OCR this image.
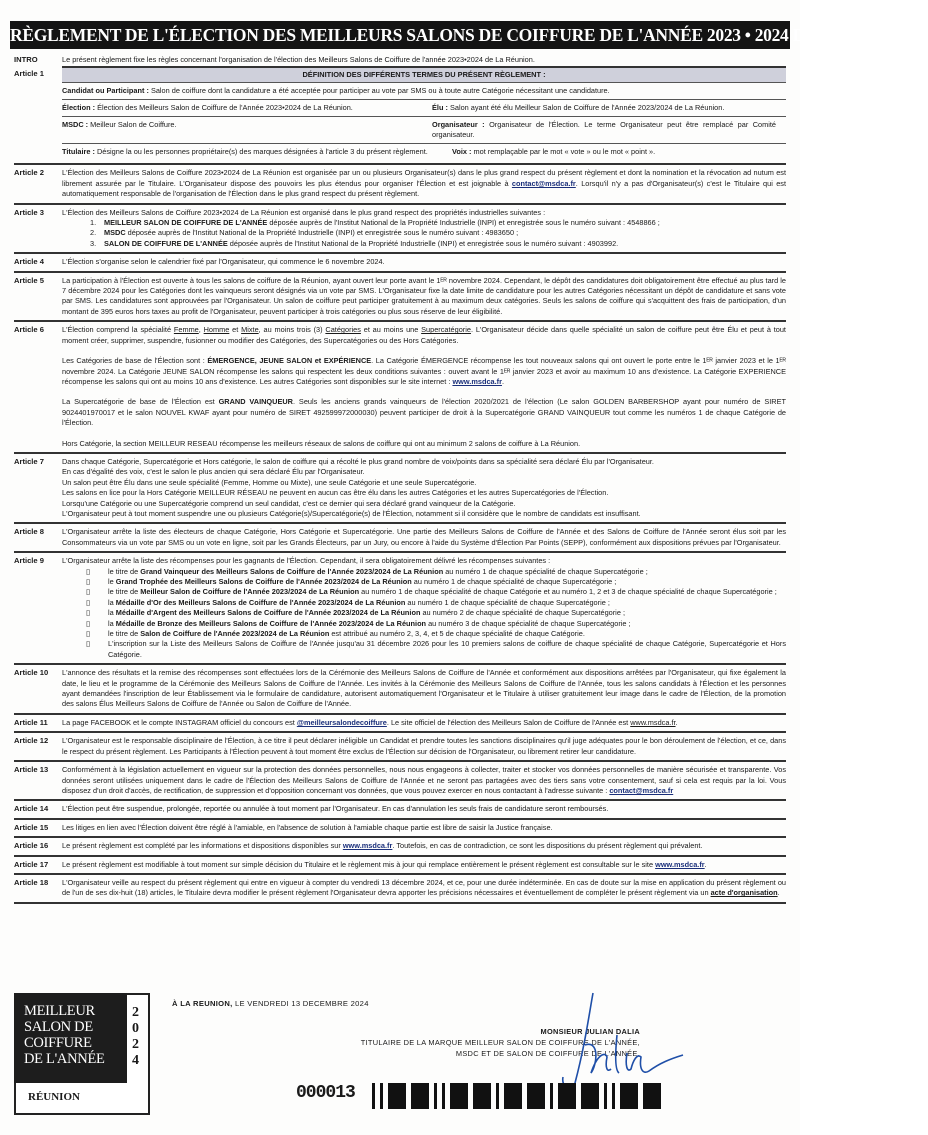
RÈGLEMENT DE L'ÉLECTION DES MEILLEURS SALONS DE COIFFURE DE L'ANNÉE 2023 • 2024 DE LA RÉUNION
INTRO	Le présent règlement fixe les règles concernant l'organisation de l'élection des Meilleurs Salons de Coiffure de l'année 2023•2024 de La Réunion.
Article 1	DÉFINITION DES DIFFÉRENTS TERMES DU PRÉSENT RÈGLEMENT :
Candidat ou Participant : Salon de coiffure dont la candidature a été acceptée pour participer au vote par SMS ou à toute autre Catégorie nécessitant une candidature.
Élection : Élection des Meilleurs Salon de Coiffure de l'Année 2023•2024 de La Réunion.	Élu : Salon ayant été élu Meilleur Salon de Coiffure de l'Année 2023/2024 de La Réunion.
MSDC : Meilleur Salon de Coiffure.	Organisateur : Organisateur de l'Élection. Le terme Organisateur peut être remplacé par Comité organisateur.
Titulaire : Désigne la ou les personnes propriétaire(s) des marques désignées à l'article 3 du présent règlement.	Voix : mot remplaçable par le mot « vote » ou le mot « point ».
Article 2	L'Élection des Meilleurs Salons de Coiffure 2023•2024 de La Réunion est organisée par un ou plusieurs Organisateur(s) dans le plus grand respect du présent règlement et dont la nomination et la révocation ad nutum est librement assurée par le Titulaire. L'Organisateur dispose des pouvoirs les plus étendus pour organiser l'Élection et est joignable à contact@msdca.fr. Lorsqu'il n'y a pas d'Organisateur(s) c'est le Titulaire qui est automatiquement responsable de l'organisation de l'Élection dans le plus grand respect du présent règlement.

Article 3	L'Élection des Meilleurs Salons de Coiffure 2023•2024 de La Réunion est organisé dans le plus grand respect des propriétés industrielles suivantes :

1.	MEILLEUR SALON DE COIFFURE DE L'ANNÉE déposée auprès de l'Institut National de la Propriété Industrielle (INPI) et enregistrée sous le numéro suivant : 4548866 ;
2.	MSDC déposée auprès de l'Institut National de la Propriété Industrielle (INPI) et enregistrée sous le numéro suivant : 4983650 ;
3.	SALON DE COIFFURE DE L'ANNÉE déposée auprès de l'Institut National de la Propriété Industrielle (INPI) et enregistrée sous le numéro suivant : 4903992.
Article 4	L'Élection s'organise selon le calendrier fixé par l'Organisateur, qui commence le 6 novembre 2024.

Article 5	La participation à l'Élection est ouverte à tous les salons de coiffure de la Réunion, ayant ouvert leur porte avant le 1ᴱᴿ novembre 2024. Cependant, le dépôt des candidatures doit obligatoirement être effectué au plus tard le 7 décembre 2024 pour les Catégories dont les vainqueurs seront désignés via un vote par SMS. L'Organisateur fixe la date limite de candidature pour les autres Catégories nécessitant un dépôt de candidature et sans vote par SMS. Les candidatures sont approuvées par l'Organisateur. Un salon de coiffure peut participer gratuitement à au maximum deux catégories. Seuls les salons de coiffure qui s'acquittent des frais de participation, d'un montant de 395 euros hors taxes au profit de l'Organisateur, peuvent participer à trois catégories ou plus sous réserve de leur éligibilité.

Article 6	L'Élection comprend la spécialité Femme, Homme et Mixte, au moins trois (3) Catégories et au moins une Supercatégorie. L'Organisateur décide dans quelle spécialité un salon de coiffure peut être Élu et peut à tout moment créer, supprimer, suspendre, fusionner ou modifier des Catégories, des Supercatégories ou des Hors Catégories.

Les Catégories de base de l'Élection sont : ÉMERGENCE, JEUNE SALON et EXPÉRIENCE. La Catégorie ÉMERGENCE récompense les tout nouveaux salons qui ont ouvert le porte entre le 1ᴱᴿ janvier 2023 et le 1ᴱᴿ novembre 2024. La Catégorie JEUNE SALON récompense les salons qui respectent les deux conditions suivantes : ouvert avant le 1ᴱᴿ janvier 2023 et avoir au maximum 10 ans d'existence. La Catégorie EXPERIENCE récompense les salons qui ont au moins 10 ans d'existence. Les autres Catégories sont disponibles sur le site internet : www.msdca.fr.

La Supercatégorie de base de l'Élection est GRAND VAINQUEUR. Seuls les anciens grands vainqueurs de l'élection 2020/2021 de l'élection (Le salon GOLDEN BARBERSHOP ayant pour numéro de SIRET 9024401970017 et le salon NOUVEL KWAF ayant pour numéro de SIRET 492599972000030) peuvent participer de droit à la Supercatégorie GRAND VAINQUEUR tout comme les numéros 1 de chaque Catégorie de l'Élection.

Hors Catégorie, la section MEILLEUR RESEAU récompense les meilleurs réseaux de salons de coiffure qui ont au minimum 2 salons de coiffure à La Réunion.

Article 7	Dans chaque Catégorie, Supercatégorie et Hors catégorie, le salon de coiffure qui a récolté le plus grand nombre de voix/points dans sa spécialité sera déclaré Élu par l'Organisateur.
En cas d'égalité des voix, c'est le salon le plus ancien qui sera déclaré Élu par l'Organisateur.
Un salon peut être Élu dans une seule spécialité (Femme, Homme ou Mixte), une seule Catégorie et une seule Supercatégorie.
Les salons en lice pour la Hors Catégorie MEILLEUR RÉSEAU ne peuvent en aucun cas être élu dans les autres Catégories et les autres Supercatégories de l'Élection.
Lorsqu'une Catégorie ou une Supercatégorie comprend un seul candidat, c'est ce dernier qui sera déclaré grand vainqueur de la Catégorie.
L'Organisateur peut à tout moment suspendre une ou plusieurs Catégorie(s)/Supercatégorie(s) de l'Élection, notamment si il considère que le nombre de candidats est insuffisant.
Article 8	L'Organisateur arrête la liste des électeurs de chaque Catégorie, Hors Catégorie et Supercatégorie. Une partie des Meilleurs Salons de Coiffure de l'Année et des Salons de Coiffure de l'Année seront élus soit par les Consommateurs via un vote par SMS ou un vote en ligne, soit par les Grands Électeurs, par un Jury, ou encore à l'aide du Système d'Élection Par Points (SEPP), conformément aux dispositions prévues par l'Organisateur.

Article 9	L'Organisateur arrête la liste des récompenses pour les gagnants de l'Élection. Cependant, il sera obligatoirement délivré les récompenses suivantes :

▯	le titre de Grand Vainqueur des Meilleurs Salons de Coiffure de l'Année 2023/2024 de La Réunion au numéro 1 de chaque spécialité de chaque Supercatégorie ;
▯	le Grand Trophée des Meilleurs Salons de Coiffure de l'Année 2023/2024 de La Réunion au numéro 1 de chaque spécialité de chaque Supercatégorie ;
▯	le titre de Meilleur Salon de Coiffure de l'Année 2023/2024 de La Réunion au numéro 1 de chaque spécialité de chaque Catégorie et au numéro 1, 2 et 3 de chaque spécialité de chaque Supercatégorie ;
▯	la Médaille d'Or des Meilleurs Salons de Coiffure de l'Année 2023/2024 de La Réunion au numéro 1 de chaque spécialité de chaque Supercatégorie ;
▯	la Médaille d'Argent des Meilleurs Salons de Coiffure de l'Année 2023/2024 de La Réunion au numéro 2 de chaque spécialité de chaque Supercatégorie ;
▯	la Médaille de Bronze des Meilleurs Salons de Coiffure de l'Année 2023/2024 de La Réunion au numéro 3 de chaque spécialité de chaque Supercatégorie ;
▯	le titre de Salon de Coiffure de l'Année 2023/2024 de La Réunion est attribué au numéro 2, 3, 4, et 5 de chaque spécialité de chaque Catégorie.
▯	L'inscription sur la Liste des Meilleurs Salons de Coiffure de l'Année jusqu'au 31 décembre 2026 pour les 10 premiers salons de coiffure de chaque spécialité de chaque Catégorie, Supercatégorie et Hors Catégorie.
Article 10	L'annonce des résultats et la remise des récompenses sont effectuées lors de la Cérémonie des Meilleurs Salons de Coiffure de l'Année et conformément aux dispositions arrêtées par l'Organisateur, qui fixe également la date, le lieu et le programme de la Cérémonie des Meilleurs Salons de Coiffure de l'Année. Les invités à la Cérémonie des Meilleurs Salons de Coiffure de l'Année, tous les salons candidats à l'Élection et les personnes ayant demandées l'inscription de leur Établissement via le formulaire de candidature, autorisent automatiquement l'Organisateur et le Titulaire à utiliser gratuitement leur image dans le cadre de l'Élection, de la promotion des salons Élus Meilleurs Salons de Coiffure de l'Année ou Salon de Coiffure de l'Année.

Article 11	La page FACEBOOK et le compte INSTAGRAM officiel du concours est @meilleursalondecoiffure. Le site officiel de l'élection des Meilleurs Salon de Coiffure de l'Année est www.msdca.fr.

Article 12	L'Organisateur est le responsable disciplinaire de l'Élection, à ce titre il peut déclarer inéligible un Candidat et prendre toutes les sanctions disciplinaires qu'il juge adéquates pour le bon déroulement de l'élection, et ce, dans le respect du présent règlement. Les Participants à l'Élection peuvent à tout moment être exclus de l'Élection sur décision de l'Organisateur, ou librement retirer leur candidature.

Article 13	Conformément à la législation actuellement en vigueur sur la protection des données personnelles, nous nous engageons à collecter, traiter et stocker vos données personnelles de manière sécurisée et transparente. Vos données seront utilisées uniquement dans le cadre de l'Élection des Meilleurs Salons de Coiffure de l'Année et ne seront pas partagées avec des tiers sans votre consentement, sauf si cela est requis par la loi. Vous disposez d'un droit d'accès, de rectification, de suppression et d'opposition concernant vos données, que vous pouvez exercer en nous contactant à l'adresse suivante : contact@msdca.fr

Article 14	L'Élection peut être suspendue, prolongée, reportée ou annulée à tout moment par l'Organisateur. En cas d'annulation les seuls frais de candidature seront remboursés.

Article 15	Les litiges en lien avec l'Élection doivent être réglé à l'amiable, en l'absence de solution à l'amiable chaque partie est libre de saisir la Justice française.

Article 16	Le présent règlement est complété par les informations et dispositions disponibles sur www.msdca.fr. Toutefois, en cas de contradiction, ce sont les dispositions du présent règlement qui prévalent.

Article 17	Le présent règlement est modifiable à tout moment sur simple décision du Titulaire et le règlement mis à jour qui remplace entièrement le présent règlement est consultable sur le site www.msdca.fr.

Article 18	L'Organisateur veille au respect du présent règlement qui entre en vigueur à compter du vendredi 13 décembre 2024, et ce, pour une durée indéterminée. En cas de doute sur la mise en application du présent règlement ou de l'un de ses dix-huit (18) articles, le Titulaire devra modifier le présent règlement l'Organisateur devra apporter les précisions nécessaires et éventuellement de compléter le présent règlement via un acte d'organisation.

MEILLEUR
SALON DE
COIFFURE
DE L'ANNÉE
2
0
2
4
RÉUNION
À LA REUNION, LE VENDREDI 13 DECEMBRE 2024
MONSIEUR JULIAN DALIA
TITULAIRE DE LA MARQUE MEILLEUR SALON DE COIFFURE DE L'ANNÉE,
MSDC ET DE SALON DE COIFFURE DE L'ANNÉE.
000013
